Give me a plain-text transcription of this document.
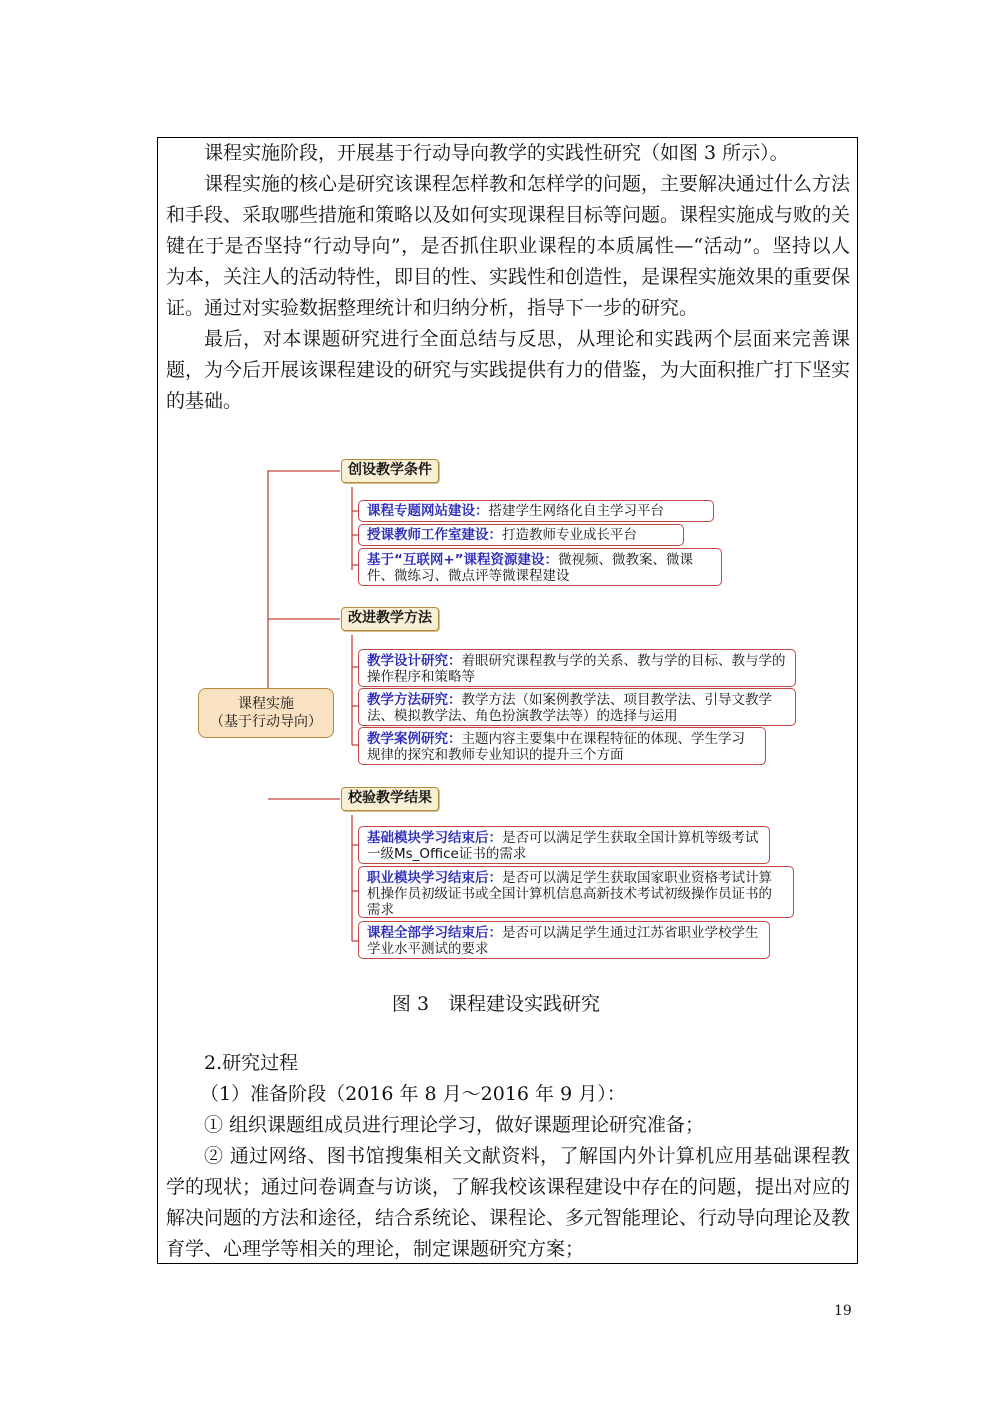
课程实施阶段，开展基于行动导向教学的实践性研究（如图 3 所示）。

课程实施的核心是研究该课程怎样教和怎样学的问题，主要解决通过什么方法和手段、采取哪些措施和策略以及如何实现课程目标等问题。课程实施成与败的关键在于是否坚持“行动导向”，是否抓住职业课程的本质属性—“活动”。坚持以人为本，关注人的活动特性，即目的性、实践性和创造性，是课程实施效果的重要保证。通过对实验数据整理统计和归纳分析，指导下一步的研究。

最后，对本课题研究进行全面总结与反思，从理论和实践两个层面来完善课题，为今后开展该课程建设的研究与实践提供有力的借鉴，为大面积推广打下坚实的基础。

课程实施
（基于行动导向）
创设教学条件
课程专题网站建设：搭建学生网络化自主学习平台
授课教师工作室建设：打造教师专业成长平台
基于“互联网+”课程资源建设：微视频、微教案、微课件、微练习、微点评等微课程建设
改进教学方法
教学设计研究：着眼研究课程教与学的关系、教与学的目标、教与学的操作程序和策略等
教学方法研究：教学方法（如案例教学法、项目教学法、引导文教学法、模拟教学法、角色扮演教学法等）的选择与运用
教学案例研究：主题内容主要集中在课程特征的体现、学生学习规律的探究和教师专业知识的提升三个方面
校验教学结果
基础模块学习结束后：是否可以满足学生获取全国计算机等级考试一级Ms_Office证书的需求
职业模块学习结束后：是否可以满足学生获取国家职业资格考试计算机操作员初级证书或全国计算机信息高新技术考试初级操作员证书的需求
课程全部学习结束后：是否可以满足学生通过江苏省职业学校学生学业水平测试的要求
图 3　课程建设实践研究

2.研究过程

（1）准备阶段（2016 年 8 月～2016 年 9 月）：

① 组织课题组成员进行理论学习，做好课题理论研究准备；

② 通过网络、图书馆搜集相关文献资料，了解国内外计算机应用基础课程教学的现状；通过问卷调查与访谈，了解我校该课程建设中存在的问题，提出对应的解决问题的方法和途径，结合系统论、课程论、多元智能理论、行动导向理论及教育学、心理学等相关的理论，制定课题研究方案；

19
